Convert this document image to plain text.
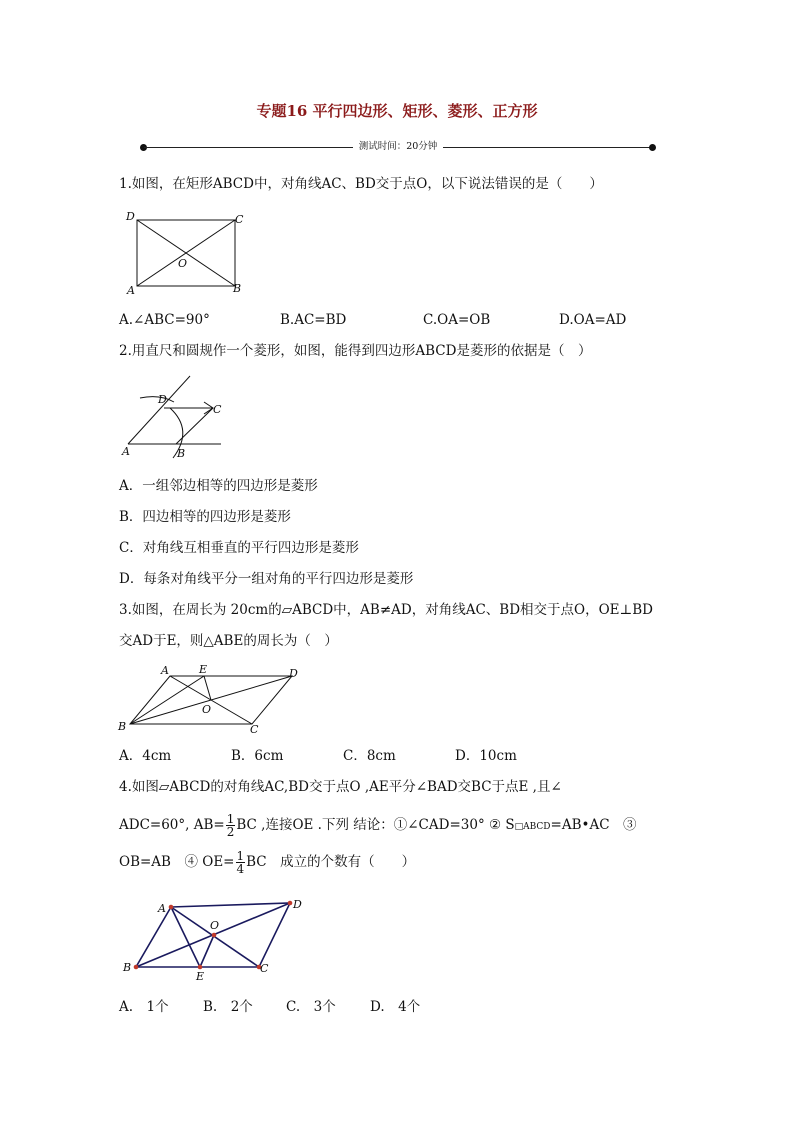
专题16 平行四边形、矩形、菱形、正方形
测试时间：20分钟
1.如图，在矩形ABCD中，对角线AC、BD交于点O，以下说法错误的是（　　）
D	C
A	B
O
A.∠ABC=90°	B.AC=BD	C.OA=OB	D.OA=AD
2.用直尺和圆规作一个菱形，如图，能得到四边形ABCD是菱形的依据是（　）
D
C
A	B
A．一组邻边相等的四边形是菱形
B．四边相等的四边形是菱形
C．对角线互相垂直的平行四边形是菱形
D．每条对角线平分一组对角的平行四边形是菱形
3.如图，在周长为 20cm的▱ABCD中，AB≠AD，对角线AC、BD相交于点O，OE⊥BD
交AD于E，则△ABE的周长为（　）
A	E	D
B	C
O
A．4cm	B．6cm	C．8cm	D．10cm
4.如图▱ABCD的对角线AC,BD交于点O ,AE平分∠BAD交BC于点E ,且∠
ADC=60°, $AB= \frac{1}{2}$ BC ,连接OE .下列 结论：①∠CAD=30° ② S□ABCD=AB•AC　③
OB=AB　④ $OE= \frac{1}{4}$ BC　成立的个数有（　　）
A	D
B	C
E
O
A.　1个	B.　2个 C.　3个	D.　4个
